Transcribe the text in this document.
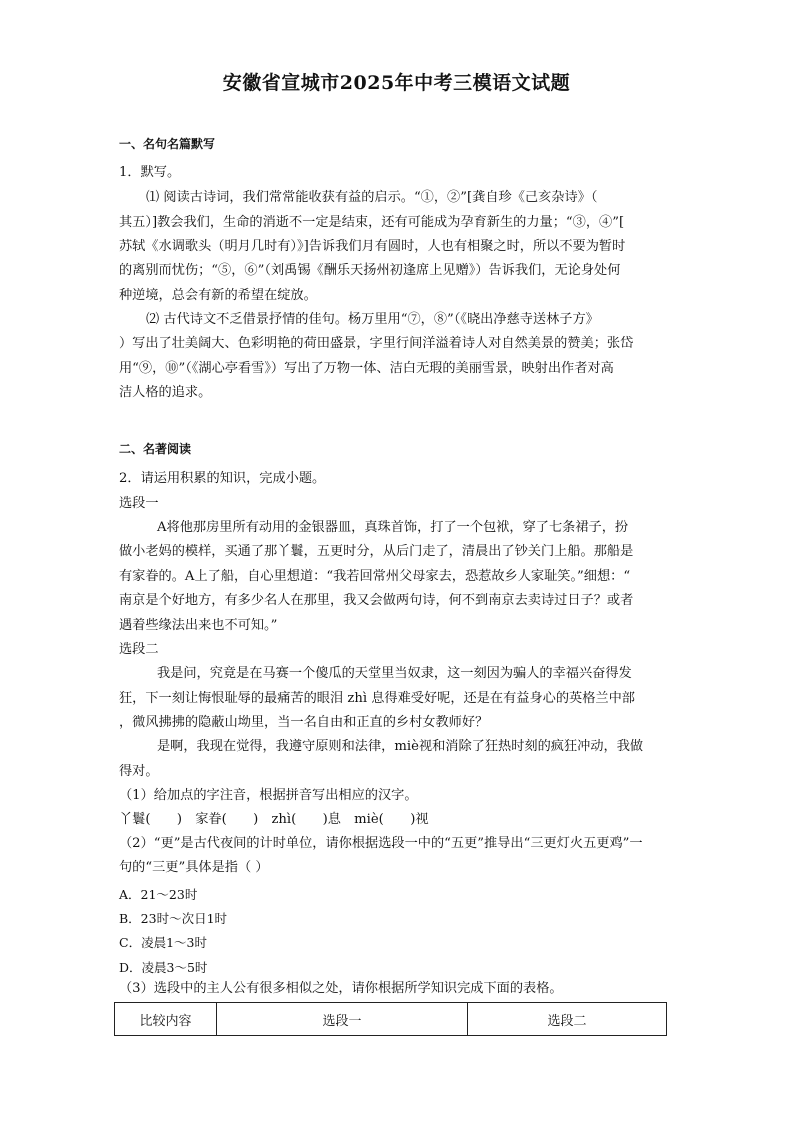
安徽省宣城市2025年中考三模语文试题
一、名句名篇默写
1．默写。
⑴ 阅读古诗词，我们常常能收获有益的启示。“①，②”[龚自珍《己亥杂诗》（
其五）]教会我们，生命的消逝不一定是结束，还有可能成为孕育新生的力量；“③，④”[
苏轼《水调歌头（明月几时有）》]告诉我们月有圆时，人也有相聚之时，所以不要为暂时
的离别而忧伤；“⑤，⑥”（刘禹锡《酬乐天扬州初逢席上见赠》）告诉我们，无论身处何
种逆境，总会有新的希望在绽放。
⑵ 古代诗文不乏借景抒情的佳句。杨万里用“⑦，⑧”（《晓出净慈寺送林子方》
）写出了壮美阔大、色彩明艳的荷田盛景，字里行间洋溢着诗人对自然美景的赞美；张岱
用“⑨，⑩”（《湖心亭看雪》）写出了万物一体、洁白无瑕的美丽雪景，映射出作者对高
洁人格的追求。
二、名著阅读
2．请运用积累的知识，完成小题。
选段一
A将他那房里所有动用的金银器皿，真珠首饰，打了一个包袱，穿了七条裙子，扮
做小老妈的模样，买通了那丫鬟，五更时分，从后门走了，清晨出了钞关门上船。那船是
有家眷的。A上了船，自心里想道：“我若回常州父母家去，恐惹故乡人家耻笑。”细想：“
南京是个好地方，有多少名人在那里，我又会做两句诗，何不到南京去卖诗过日子？或者
遇着些缘法出来也不可知。”
选段二
我是问，究竟是在马赛一个傻瓜的天堂里当奴隶，这一刻因为骗人的幸福兴奋得发
狂，下一刻让悔恨耻辱的最痛苦的眼泪 zhì 息得难受好呢，还是在有益身心的英格兰中部
，微风拂拂的隐蔽山坳里，当一名自由和正直的乡村女教师好？
是啊，我现在觉得，我遵守原则和法律，miè视和消除了狂热时刻的疯狂冲动，我做
得对。
（1）给加点的字注音，根据拼音写出相应的汉字。
丫鬟(　　)　家眷(　　)　zhì(　　)息　miè(　　)视
（2）“更”是古代夜间的计时单位，请你根据选段一中的“五更”推导出“三更灯火五更鸡”一
句的“三更”具体是指（ ）
A．21～23时
B．23时～次日1时
C．凌晨1～3时
D．凌晨3～5时
（3）选段中的主人公有很多相似之处，请你根据所学知识完成下面的表格。
比较内容	选段一	选段二
